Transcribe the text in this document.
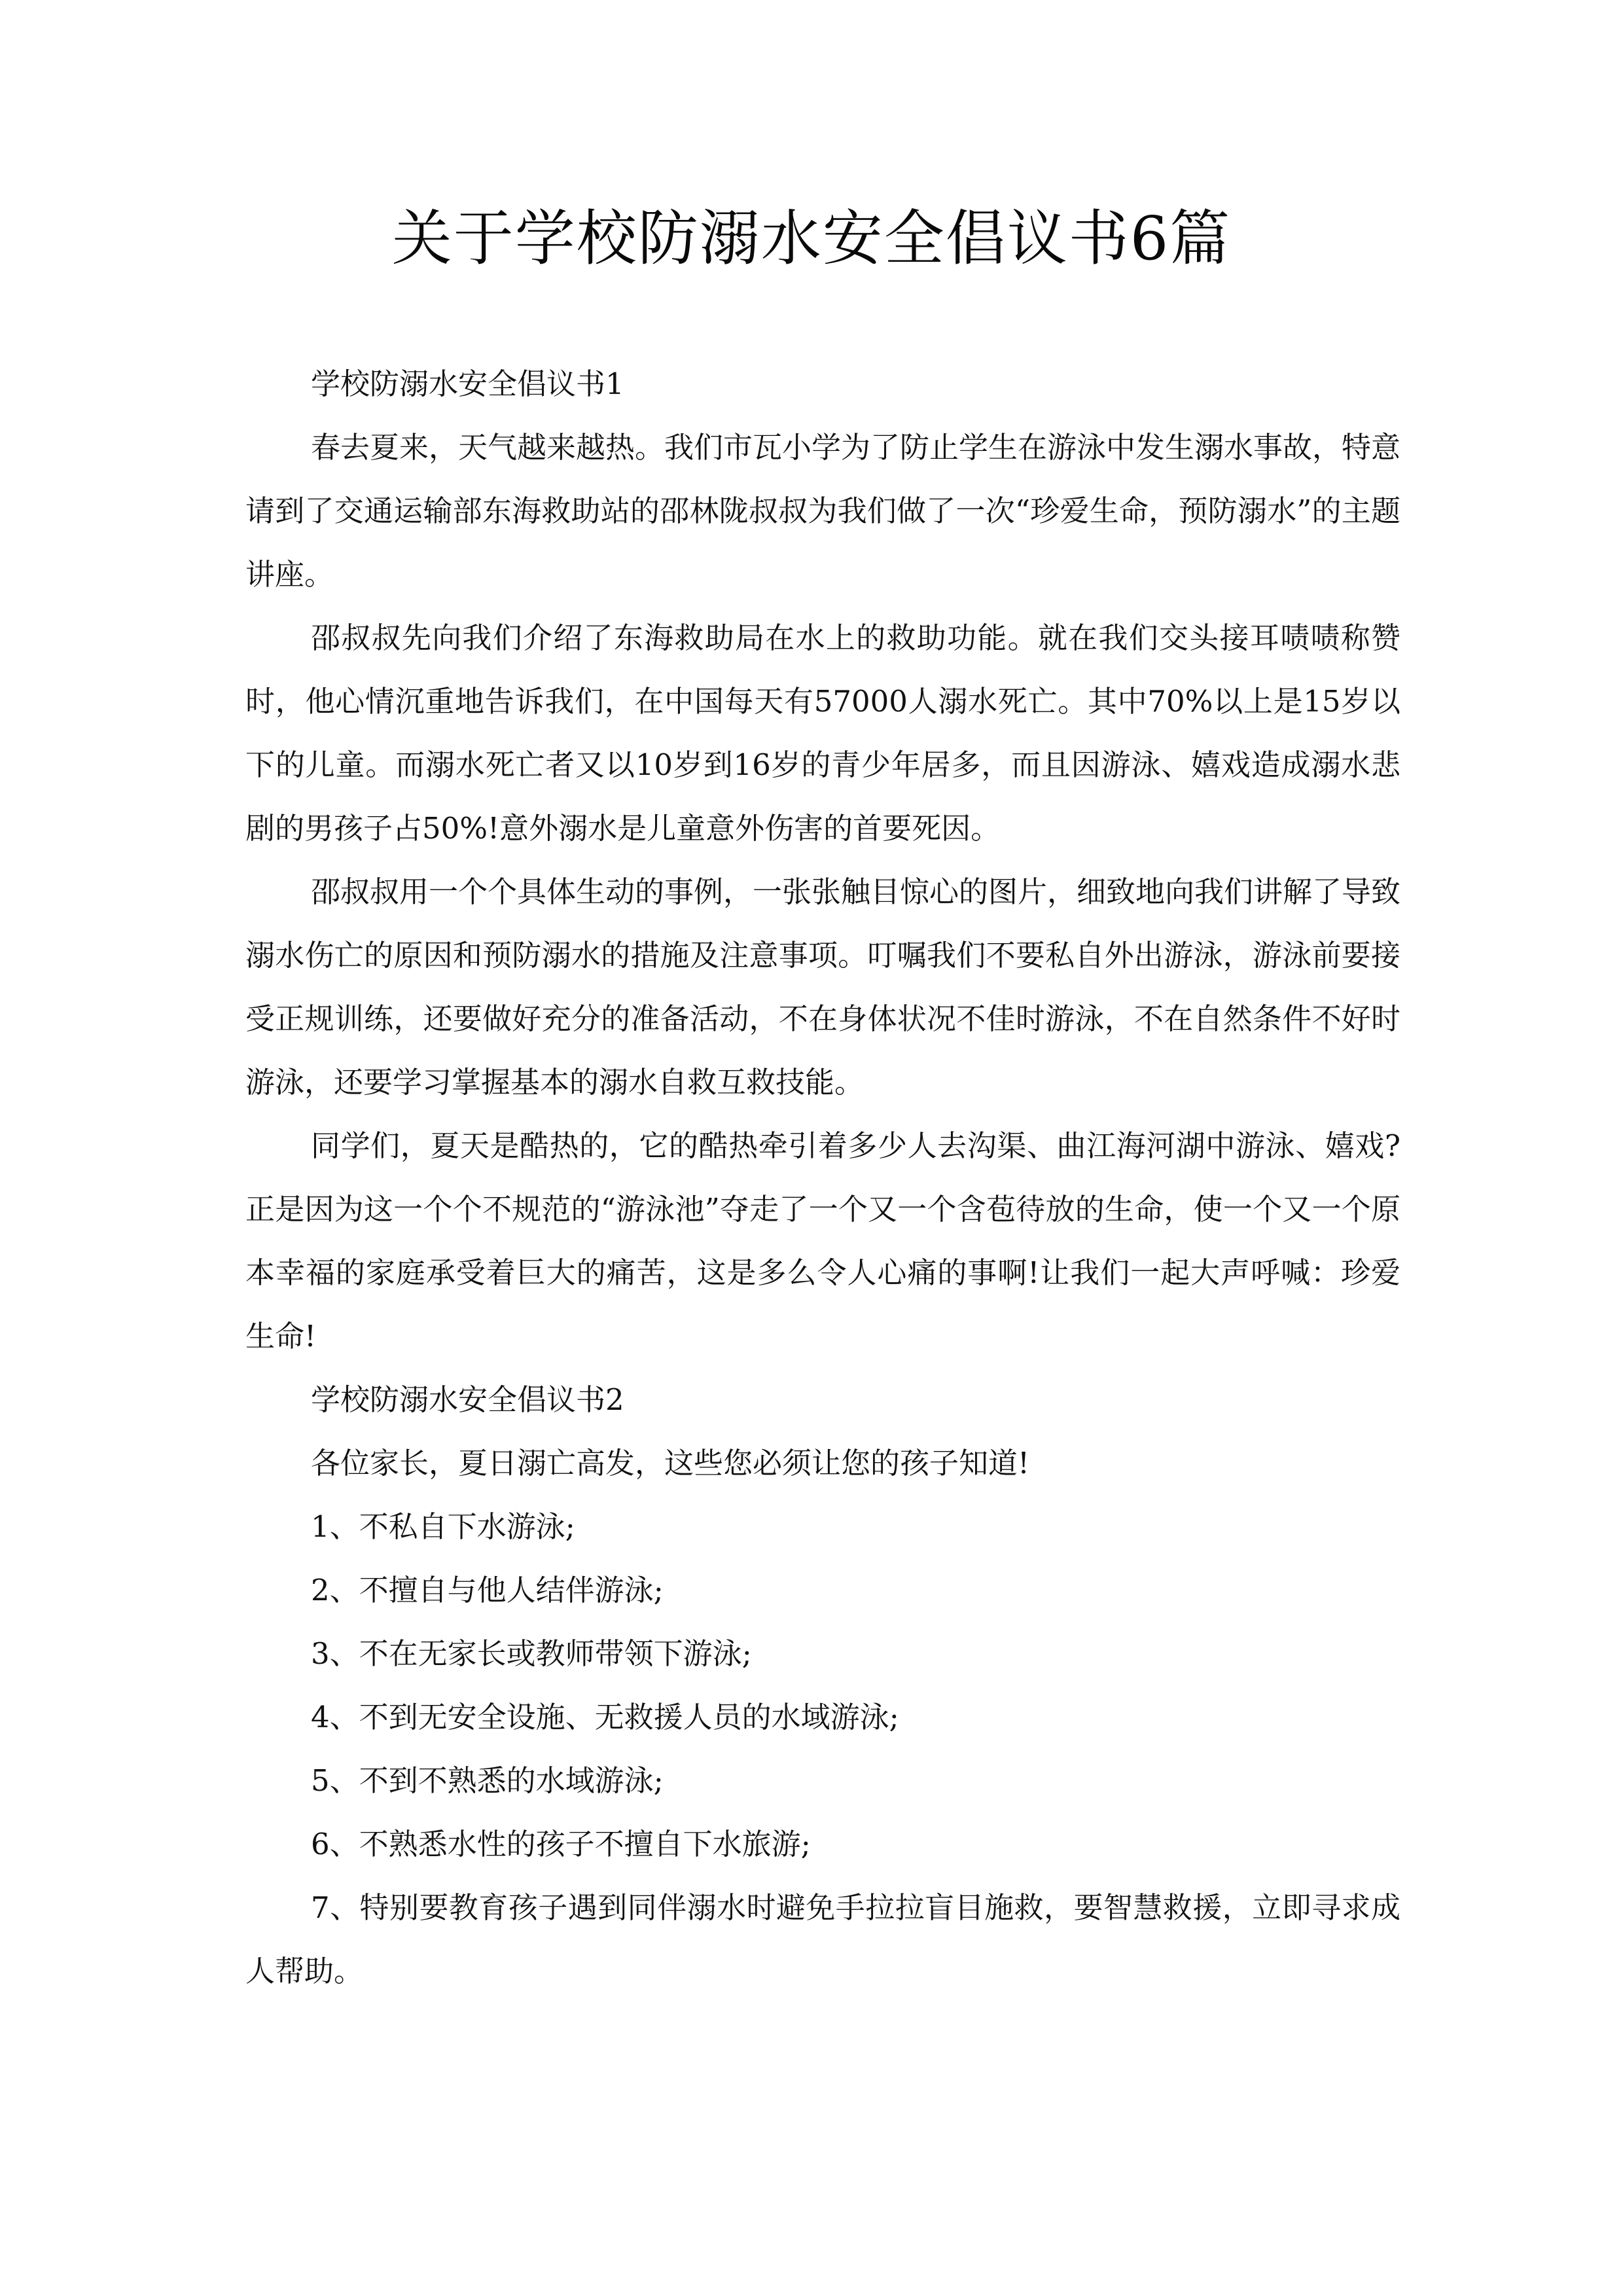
关于学校防溺水安全倡议书6篇
学校防溺水安全倡议书1

春去夏来，天气越来越热。我们市瓦小学为了防止学生在游泳中发生溺水事故，特意请到了交通运输部东海救助站的邵林陇叔叔为我们做了一次“珍爱生命，预防溺水”的主题讲座。

邵叔叔先向我们介绍了东海救助局在水上的救助功能。就在我们交头接耳啧啧称赞时，他心情沉重地告诉我们，在中国每天有57000人溺水死亡。其中70%以上是15岁以下的儿童。而溺水死亡者又以10岁到16岁的青少年居多，而且因游泳、嬉戏造成溺水悲剧的男孩子占50%!意外溺水是儿童意外伤害的首要死因。

邵叔叔用一个个具体生动的事例，一张张触目惊心的图片，细致地向我们讲解了导致溺水伤亡的原因和预防溺水的措施及注意事项。叮嘱我们不要私自外出游泳，游泳前要接受正规训练，还要做好充分的准备活动，不在身体状况不佳时游泳，不在自然条件不好时游泳，还要学习掌握基本的溺水自救互救技能。

同学们，夏天是酷热的，它的酷热牵引着多少人去沟渠、曲江海河湖中游泳、嬉戏?正是因为这一个个不规范的“游泳池”夺走了一个又一个含苞待放的生命，使一个又一个原本幸福的家庭承受着巨大的痛苦，这是多么令人心痛的事啊!让我们一起大声呼喊：珍爱生命!

学校防溺水安全倡议书2

各位家长，夏日溺亡高发，这些您必须让您的孩子知道!

1、不私自下水游泳;
2、不擅自与他人结伴游泳;
3、不在无家长或教师带领下游泳;
4、不到无安全设施、无救援人员的水域游泳;
5、不到不熟悉的水域游泳;
6、不熟悉水性的孩子不擅自下水旅游;
7、特别要教育孩子遇到同伴溺水时避免手拉拉盲目施救，要智慧救援，立即寻求成人帮助。
